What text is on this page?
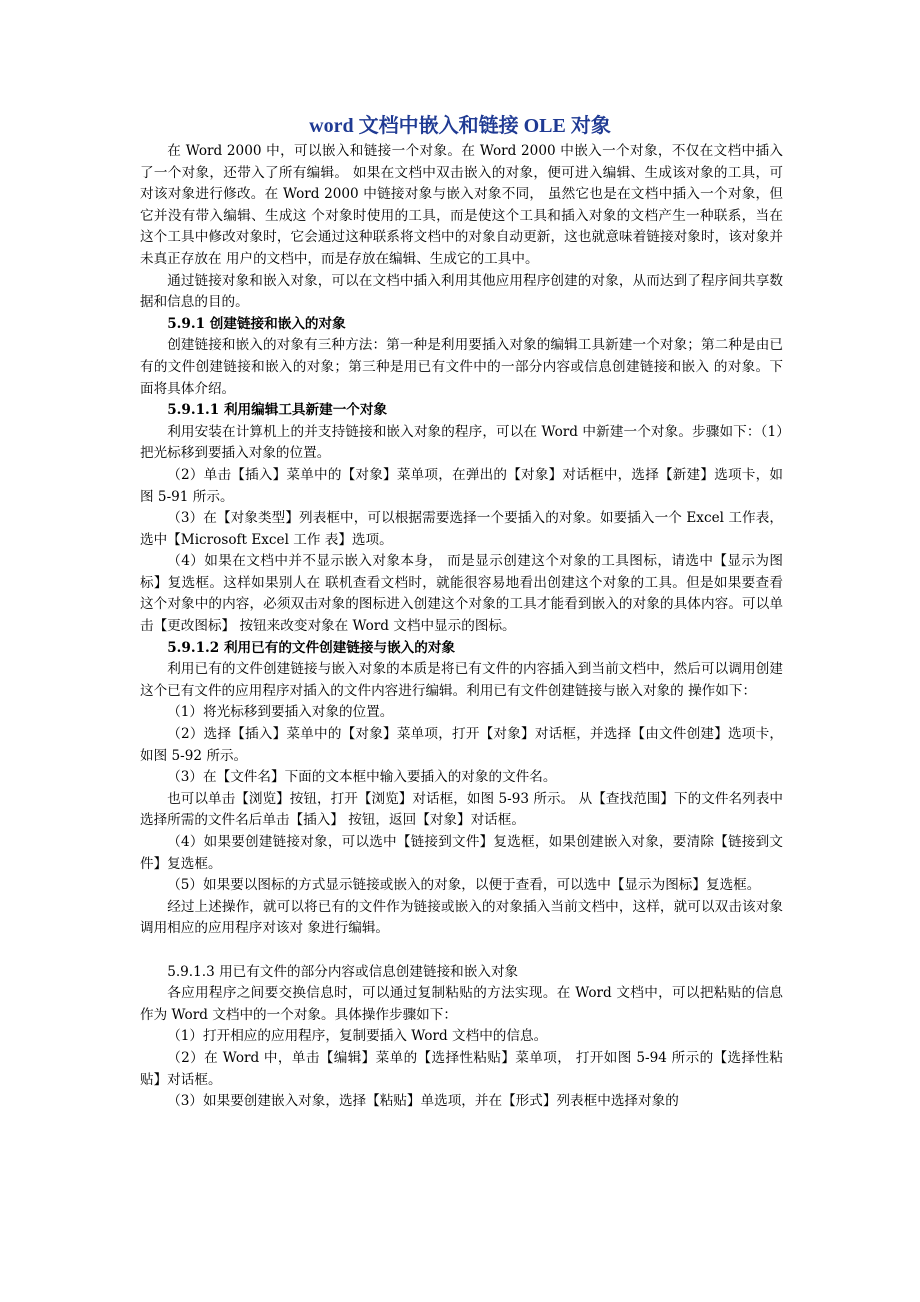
word 文档中嵌入和链接 OLE 对象

在 Word 2000 中，可以嵌入和链接一个对象。在 Word 2000 中嵌入一个对象，不仅在文档中插入了一个对象，还带入了所有编辑。 如果在文档中双击嵌入的对象，便可进入编辑、生成该对象的工具，可对该对象进行修改。在 Word 2000 中链接对象与嵌入对象不同， 虽然它也是在文档中插入一个对象，但它并没有带入编辑、生成这 个对象时使用的工具，而是使这个工具和插入对象的文档产生一种联系，当在这个工具中修改对象时，它会通过这种联系将文档中的对象自动更新，这也就意味着链接对象时，该对象并未真正存放在 用户的文档中，而是存放在编辑、生成它的工具中。

通过链接对象和嵌入对象，可以在文档中插入利用其他应用程序创建的对象，从而达到了程序间共享数据和信息的目的。

5.9.1 创建链接和嵌入的对象

创建链接和嵌入的对象有三种方法：第一种是利用要插入对象的编辑工具新建一个对象；第二种是由已有的文件创建链接和嵌入的对象；第三种是用已有文件中的一部分内容或信息创建链接和嵌入 的对象。下面将具体介绍。

5.9.1.1 利用编辑工具新建一个对象

利用安装在计算机上的并支持链接和嵌入对象的程序，可以在 Word 中新建一个对象。步骤如下：（1）把光标移到要插入对象的位置。

（2）单击【插入】菜单中的【对象】菜单项，在弹出的【对象】对话框中，选择【新建】选项卡，如图 5-91 所示。

（3）在【对象类型】列表框中，可以根据需要选择一个要插入的对象。如要插入一个 Excel 工作表，选中【Microsoft Excel 工作 表】选项。

（4）如果在文档中并不显示嵌入对象本身， 而是显示创建这个对象的工具图标，请选中【显示为图标】复选框。这样如果别人在 联机查看文档时，就能很容易地看出创建这个对象的工具。但是如果要查看这个对象中的内容，必须双击对象的图标进入创建这个对象的工具才能看到嵌入的对象的具体内容。可以单击【更改图标】 按钮来改变对象在 Word 文档中显示的图标。

5.9.1.2 利用已有的文件创建链接与嵌入的对象

利用已有的文件创建链接与嵌入对象的本质是将已有文件的内容插入到当前文档中，然后可以调用创建这个已有文件的应用程序对插入的文件内容进行编辑。利用已有文件创建链接与嵌入对象的 操作如下：

（1）将光标移到要插入对象的位置。

（2）选择【插入】菜单中的【对象】菜单项，打开【对象】对话框，并选择【由文件创建】选项卡，如图 5-92 所示。

（3）在【文件名】下面的文本框中输入要插入的对象的文件名。

也可以单击【浏览】按钮，打开【浏览】对话框，如图 5-93 所示。 从【查找范围】下的文件名列表中选择所需的文件名后单击【插入】 按钮，返回【对象】对话框。

（4）如果要创建链接对象，可以选中【链接到文件】复选框，如果创建嵌入对象，要清除【链接到文件】复选框。

（5）如果要以图标的方式显示链接或嵌入的对象，以便于查看，可以选中【显示为图标】复选框。

经过上述操作，就可以将已有的文件作为链接或嵌入的对象插入当前文档中，这样，就可以双击该对象调用相应的应用程序对该对 象进行编辑。

5.9.1.3 用已有文件的部分内容或信息创建链接和嵌入对象

各应用程序之间要交换信息时，可以通过复制粘贴的方法实现。在 Word 文档中，可以把粘贴的信息作为 Word 文档中的一个对象。具体操作步骤如下：

（1）打开相应的应用程序，复制要插入 Word 文档中的信息。

（2）在 Word 中，单击【编辑】菜单的【选择性粘贴】菜单项， 打开如图 5-94 所示的【选择性粘贴】对话框。

（3）如果要创建嵌入对象，选择【粘贴】单选项，并在【形式】列表框中选择对象的
